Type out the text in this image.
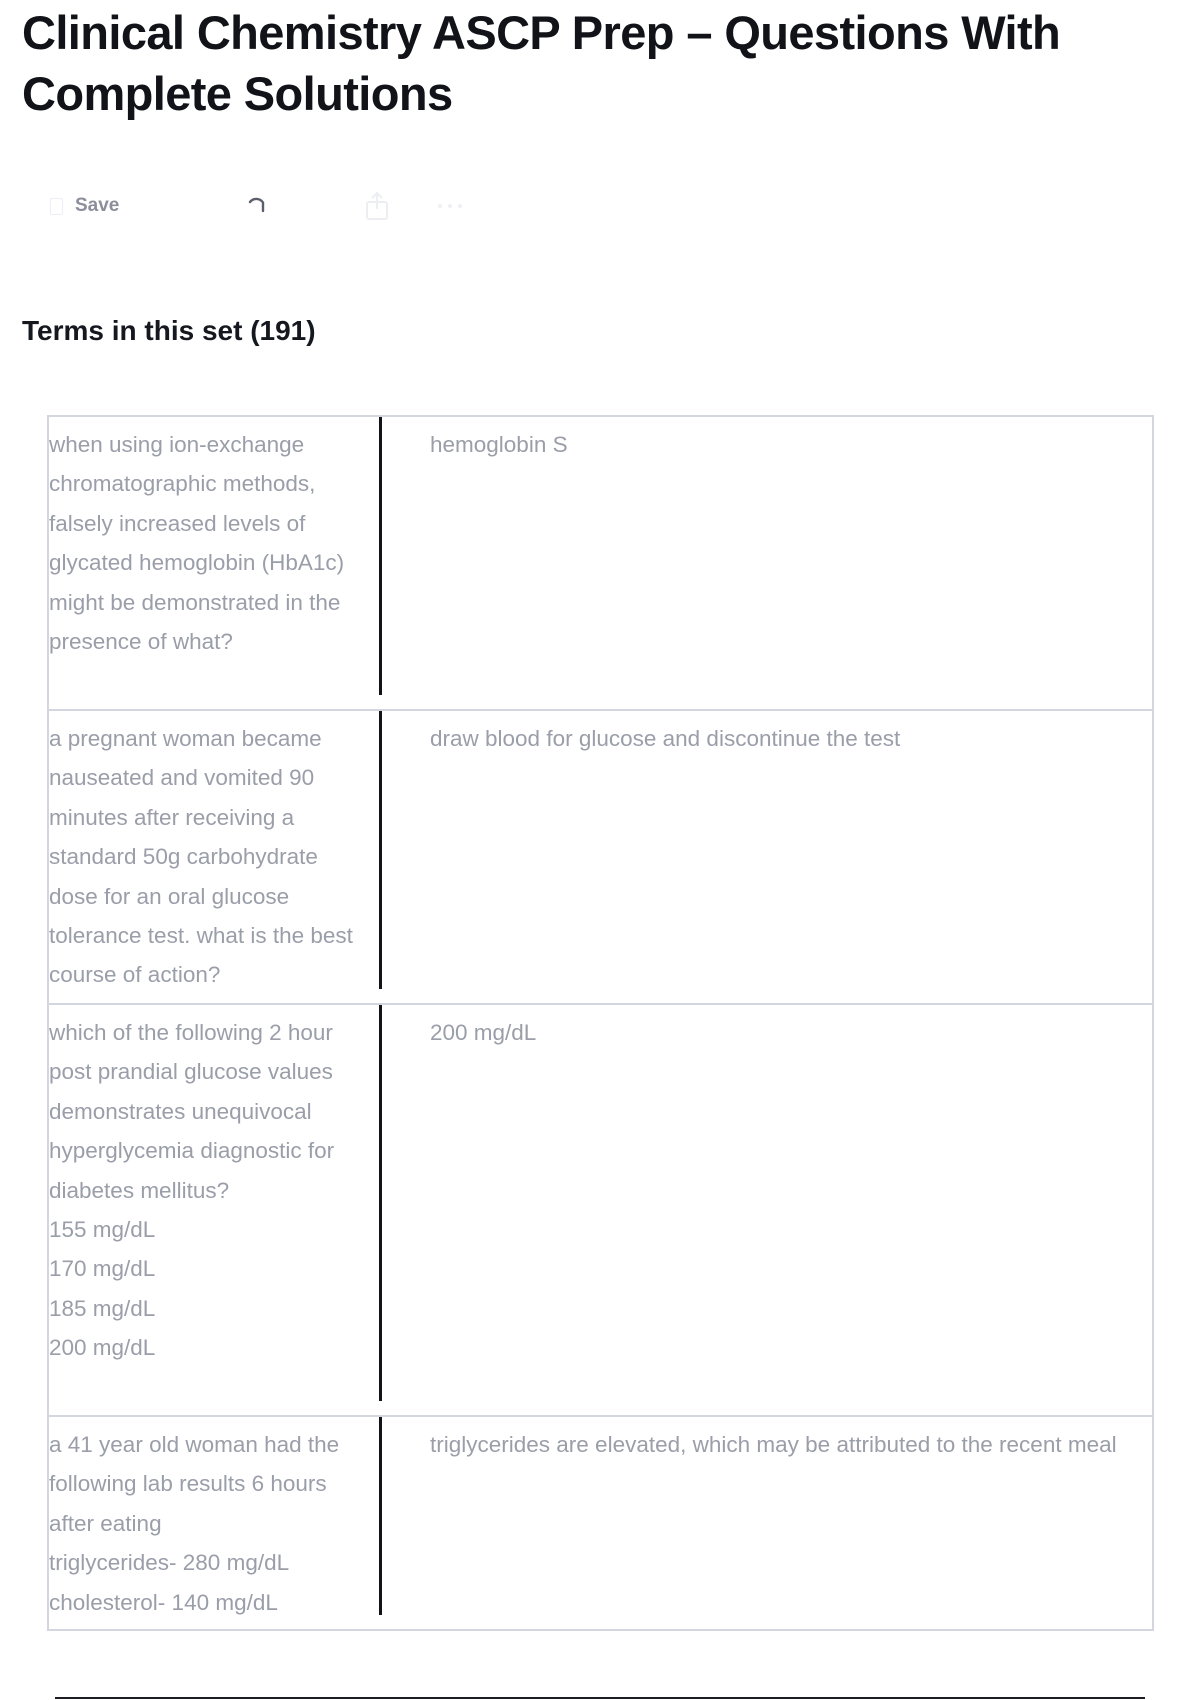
Clinical Chemistry ASCP Prep – Questions With Complete Solutions
Save
Terms in this set (191)
when using ion-exchange chromatographic methods, falsely increased levels of glycated hemoglobin (HbA1c) might be demonstrated in the presence of what?
hemoglobin S
a pregnant woman became nauseated and vomited 90 minutes after receiving a standard 50g carbohydrate dose for an oral glucose tolerance test. what is the best course of action?
draw blood for glucose and discontinue the test
which of the following 2 hour post prandial glucose values demonstrates unequivocal hyperglycemia diagnostic for diabetes mellitus?
155 mg/dL
170 mg/dL
185 mg/dL
200 mg/dL
200 mg/dL
a 41 year old woman had the following lab results 6 hours after eating
triglycerides- 280 mg/dL
cholesterol- 140 mg/dL
triglycerides are elevated, which may be attributed to the recent meal
